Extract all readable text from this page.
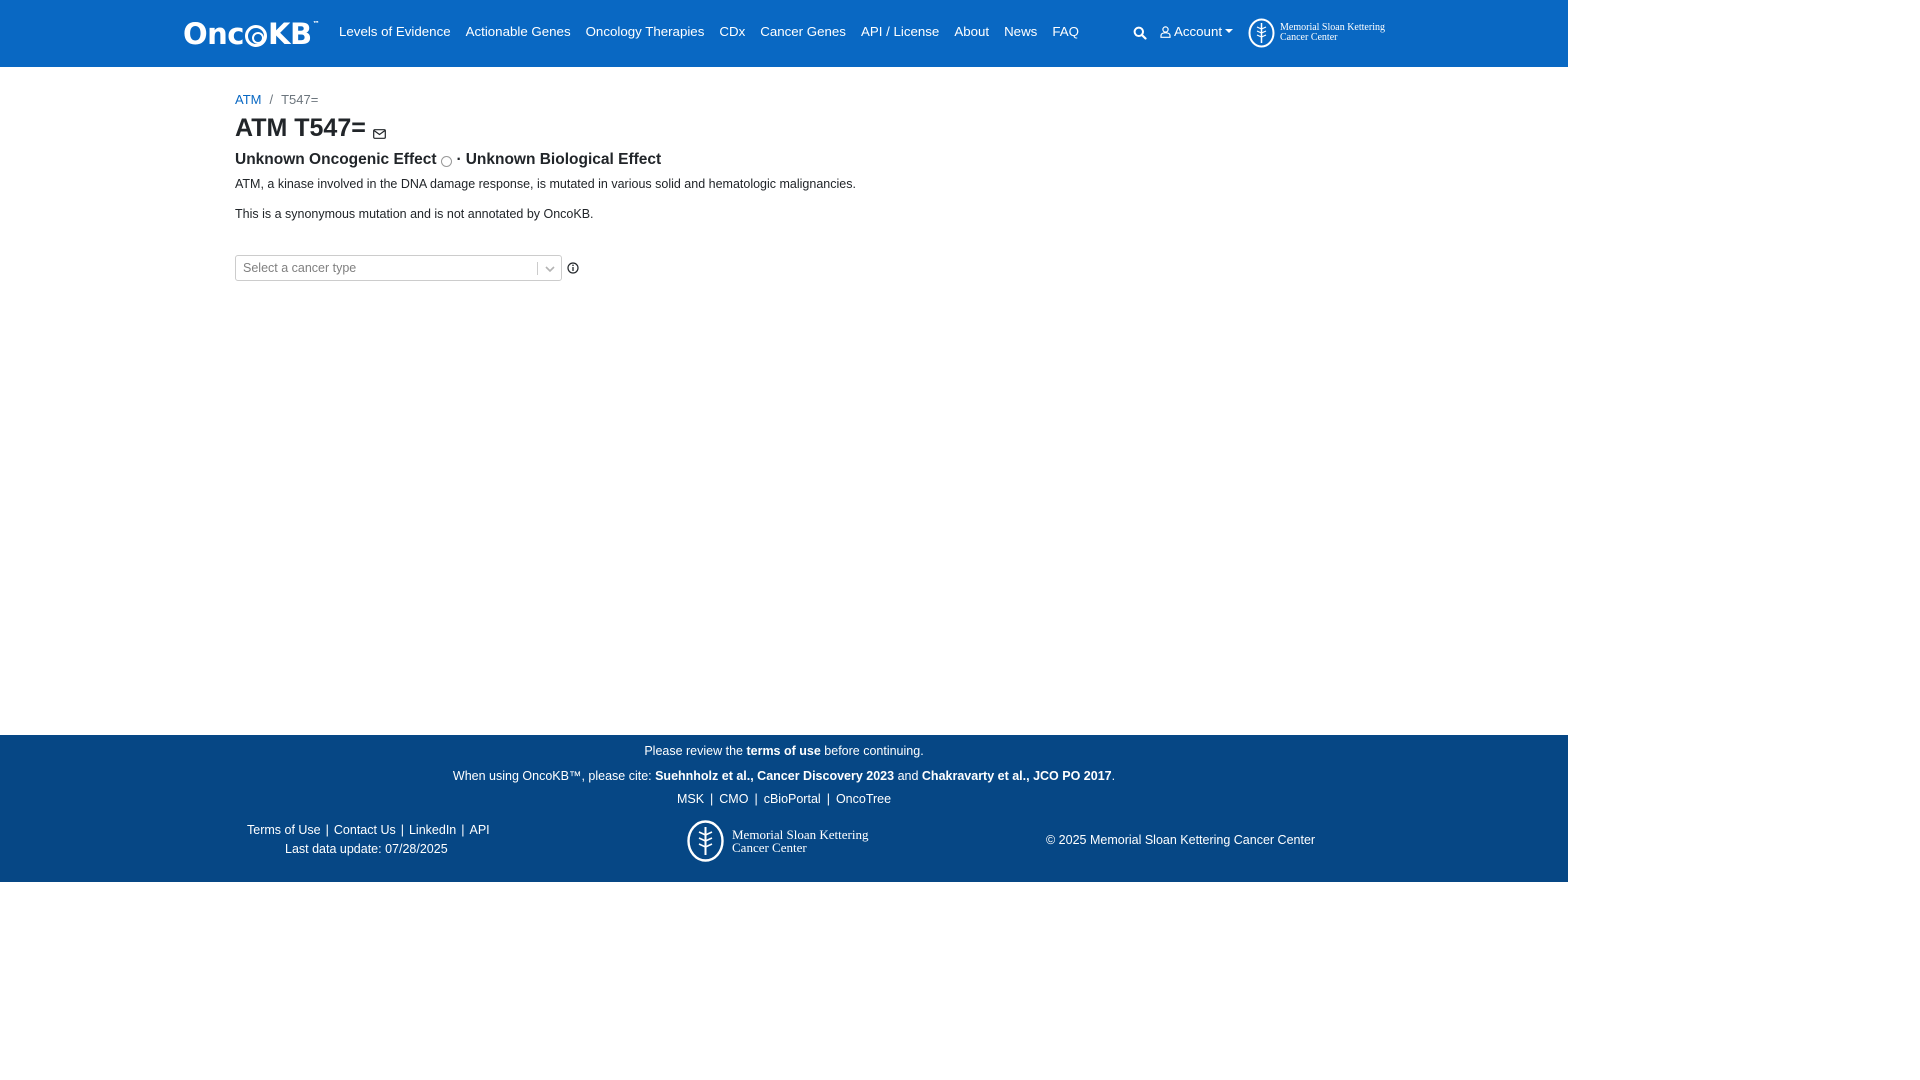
Onc KB ™ Levels of Evidence Actionable Genes Oncology Therapies CDx Cancer Genes API / License About News FAQ	Account	Memorial Sloan Kettering
Cancer Center
ATM / T547=
ATM T547=
Unknown Oncogenic Effect · Unknown Biological Effect
ATM, a kinase involved in the DNA damage response, is mutated in various solid and hematologic malignancies.
This is a synonymous mutation and is not annotated by OncoKB.
Select a cancer type
Please review the terms of use before continuing.
When using OncoKB™, please cite: Suehnholz et al., Cancer Discovery 2023 and Chakravarty et al., JCO PO 2017.
MSK | CMO | cBioPortal | OncoTree
Terms of Use | Contact Us | LinkedIn | API
Last data update: 07/28/2025
Memorial Sloan Kettering
Cancer Center	© 2025 Memorial Sloan Kettering Cancer Center
